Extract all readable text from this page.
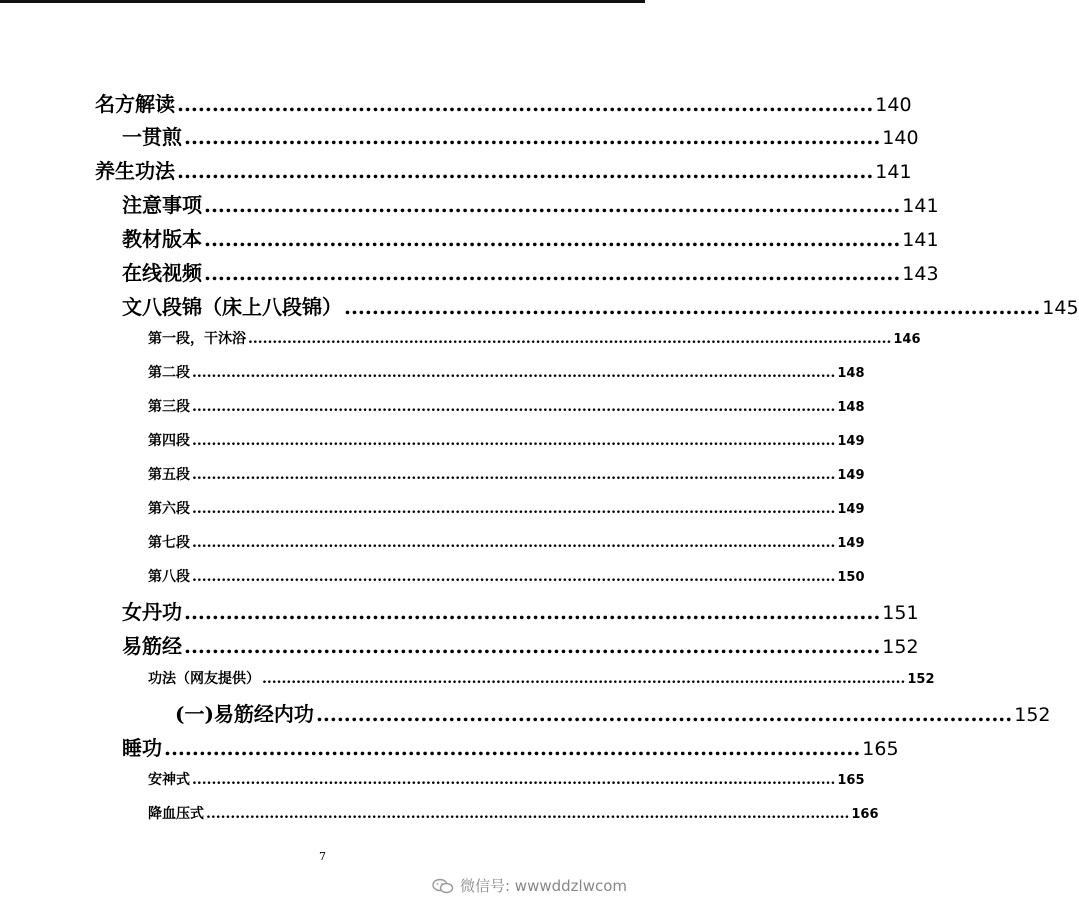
名方解读 .................................................................................................... 140
一贯煎 .................................................................................................... 140
养生功法 .................................................................................................... 141
注意事项 .................................................................................................... 141
教材版本 .................................................................................................... 141
在线视频 .................................................................................................... 143
文八段锦（床上八段锦） .................................................................................................... 145
第一段，干沐浴 .................................................................................................................................... 146
第二段 .................................................................................................................................... 148
第三段 .................................................................................................................................... 148
第四段 .................................................................................................................................... 149
第五段 .................................................................................................................................... 149
第六段 .................................................................................................................................... 149
第七段 .................................................................................................................................... 149
第八段 .................................................................................................................................... 150
女丹功 .................................................................................................... 151
易筋经 .................................................................................................... 152
功法（网友提供） .................................................................................................................................... 152
(一)易筋经内功 .................................................................................................... 152
睡功 .................................................................................................... 165
安神式 .................................................................................................................................... 165
降血压式 .................................................................................................................................... 166
7
微信号: wwwddzlwcom
